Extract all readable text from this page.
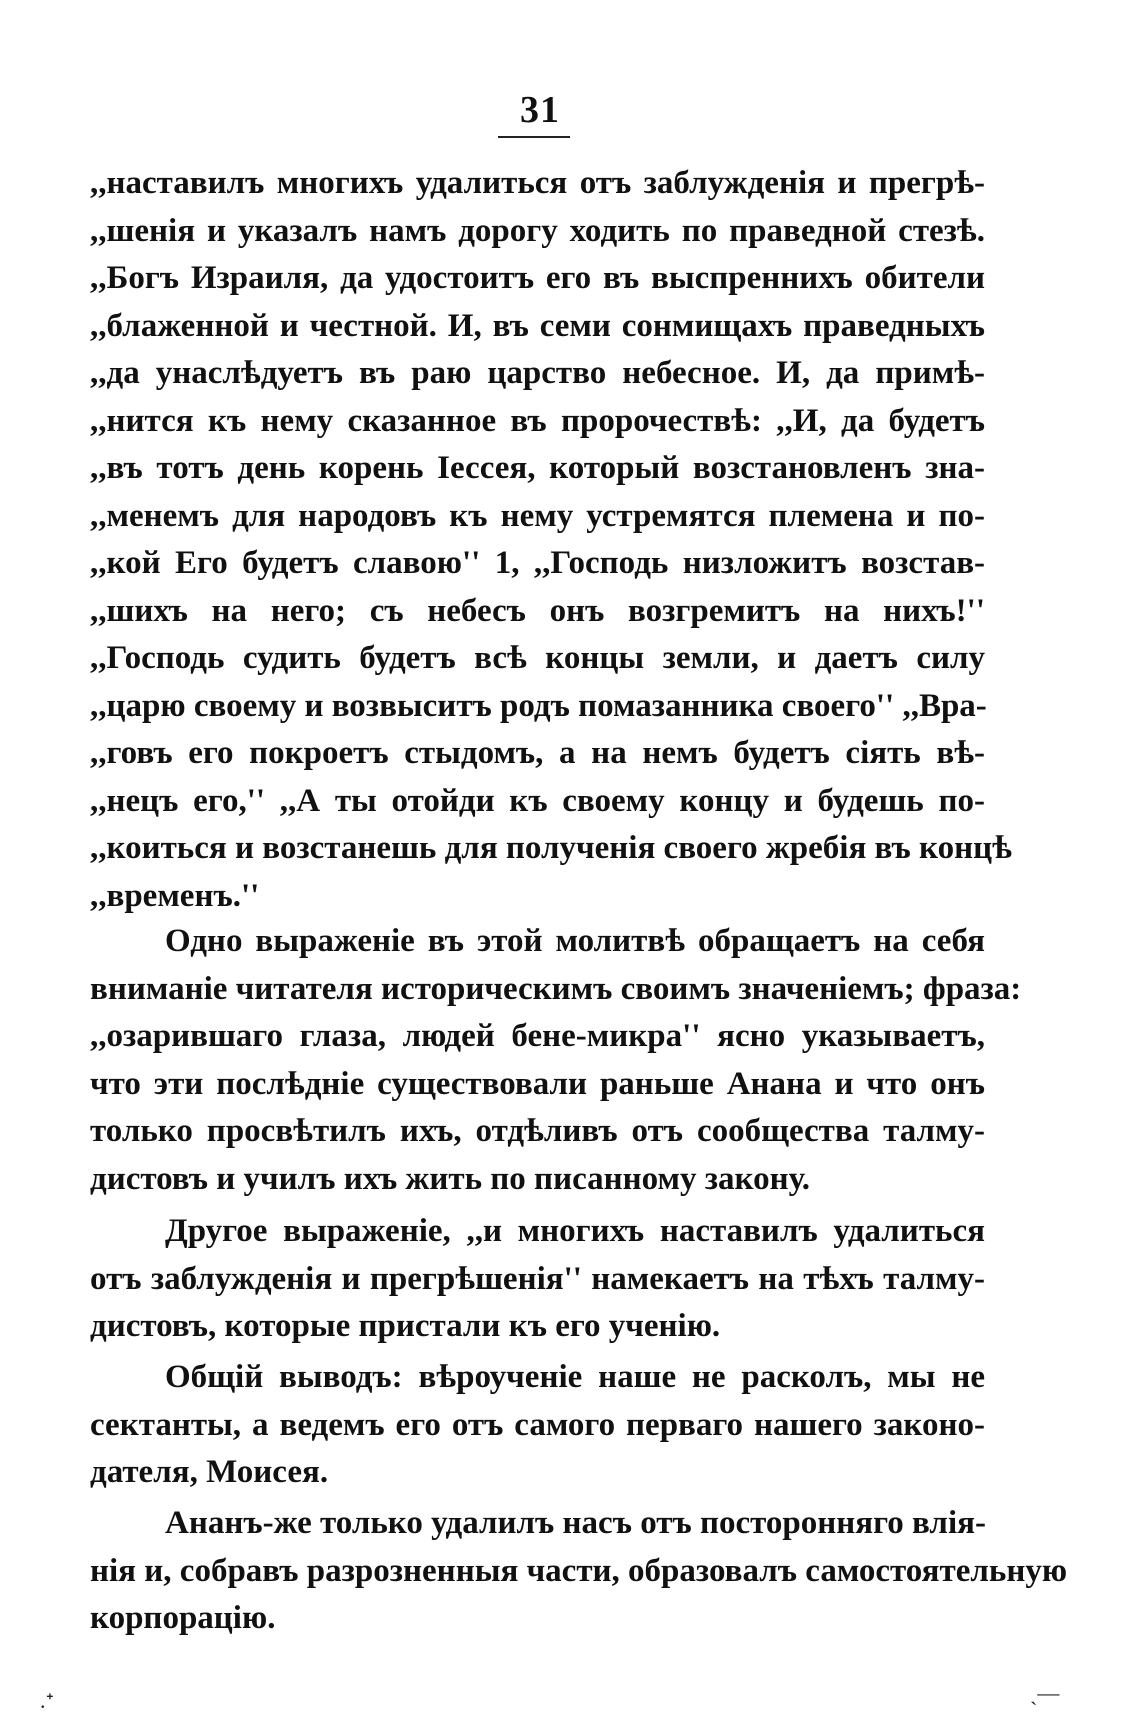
31
,,наставилъ многихъ удалиться отъ заблужденія и прегрѣ-
,,шенія и указалъ намъ дорогу ходить по праведной стезѣ.
,,Богъ Израиля, да удостоитъ его въ выспреннихъ обители
,,блаженной и честной. И, въ семи сонмищахъ праведныхъ
,,да унаслѣдуетъ въ раю царство небесное. И, да примѣ-
,,нится къ нему сказанное въ пророчествѣ: ,,И, да будетъ
,,въ тотъ день корень Іессея, который возстановленъ зна-
,,менемъ для народовъ къ нему устремятся племена и по-
,,кой Его будетъ славою'' 1, ,,Господь низложитъ возстав-
,,шихъ на него; съ небесъ онъ возгремитъ на нихъ!''
,,Господь судить будетъ всѣ концы земли, и даетъ силу
,,царю своему и возвыситъ родъ помазанника своего'' ,,Вра-
,,говъ его покроетъ стыдомъ, а на немъ будетъ сіять вѣ-
,,нецъ его,'' ,,А ты отойди къ своему концу и будешь по-
,,коиться и возстанешь для полученія своего жребія въ концѣ
,,временъ.''
Одно выраженіе въ этой молитвѣ обращаетъ на себя
вниманіе читателя историческимъ своимъ значеніемъ; фраза:
,,озарившаго глаза, людей бене-микра'' ясно указываетъ,
что эти послѣдніе существовали раньше Анана и что онъ
только просвѣтилъ ихъ, отдѣливъ отъ сообщества талму-
дистовъ и училъ ихъ жить по писанному закону.
Другое выраженіе, ,,и многихъ наставилъ удалиться
отъ заблужденія и прегрѣшенія'' намекаетъ на тѣхъ талму-
дистовъ, которые пристали къ его ученію.
Общій выводъ: вѣроученіе наше не расколъ, мы не
сектанты, а ведемъ его отъ самого перваго нашего законо-
дателя, Моисея.
Ананъ-же только удалилъ насъ отъ посторонняго влія-
нія и, собравъ разрозненныя части, образовалъ самостоятельную
корпорацію.
.ᐩ	ˏ—
